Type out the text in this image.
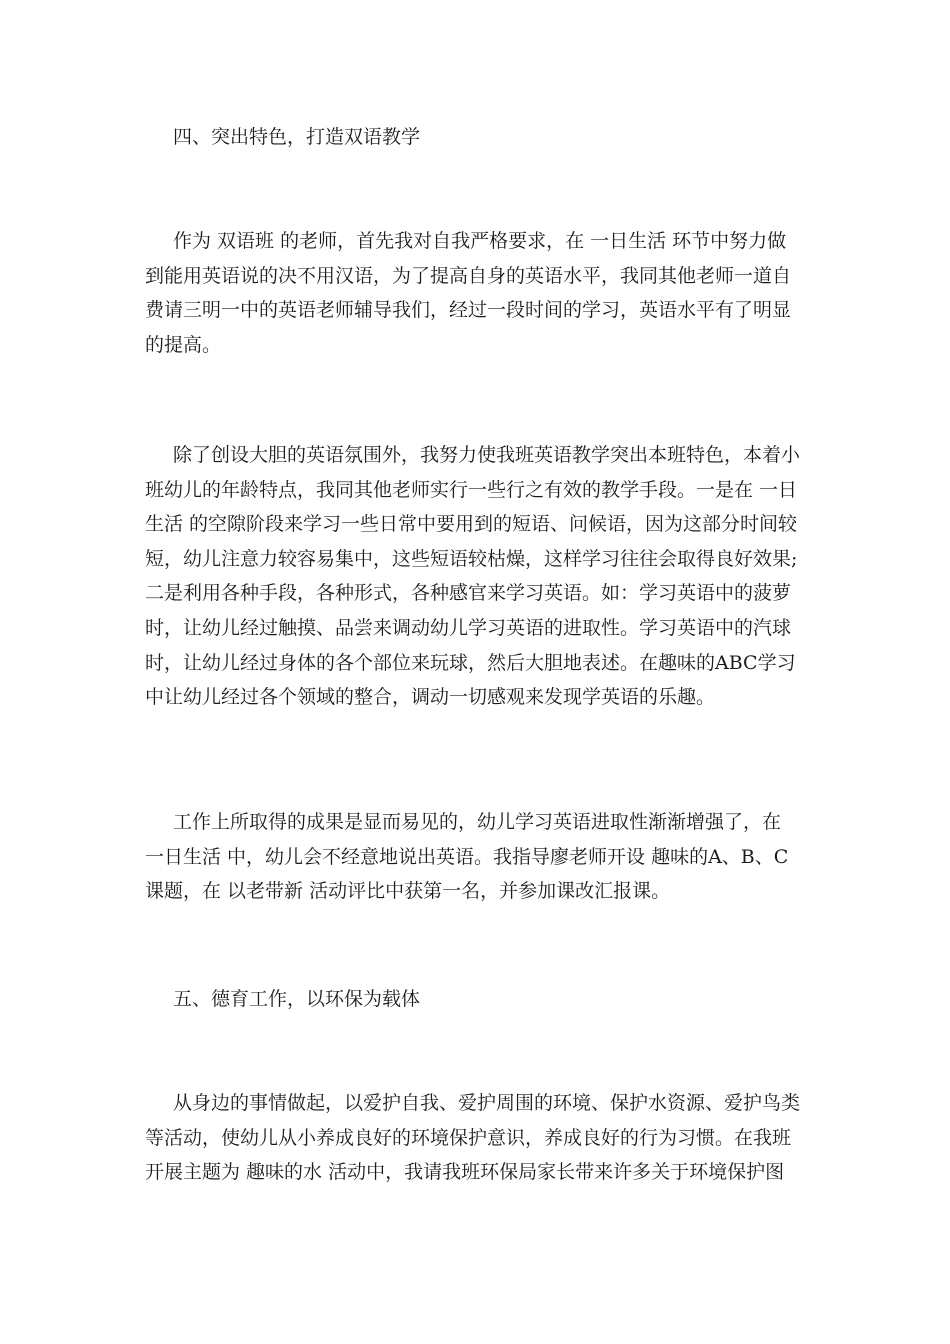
四、突出特色，打造双语教学
作为 双语班 的老师，首先我对自我严格要求，在 一日生活 环节中努力做
到能用英语说的决不用汉语，为了提高自身的英语水平，我同其他老师一道自
费请三明一中的英语老师辅导我们，经过一段时间的学习，英语水平有了明显
的提高。
除了创设大胆的英语氛围外，我努力使我班英语教学突出本班特色，本着小
班幼儿的年龄特点，我同其他老师实行一些行之有效的教学手段。一是在 一日
生活 的空隙阶段来学习一些日常中要用到的短语、问候语，因为这部分时间较
短，幼儿注意力较容易集中，这些短语较枯燥，这样学习往往会取得良好效果;
二是利用各种手段，各种形式，各种感官来学习英语。如：学习英语中的菠萝
时，让幼儿经过触摸、品尝来调动幼儿学习英语的进取性。学习英语中的汽球
时，让幼儿经过身体的各个部位来玩球，然后大胆地表述。在趣味的ABC学习
中让幼儿经过各个领域的整合，调动一切感观来发现学英语的乐趣。
工作上所取得的成果是显而易见的，幼儿学习英语进取性渐渐增强了，在
一日生活 中，幼儿会不经意地说出英语。我指导廖老师开设 趣味的A、B、C
课题，在 以老带新 活动评比中获第一名，并参加课改汇报课。
五、德育工作，以环保为载体
从身边的事情做起，以爱护自我、爱护周围的环境、保护水资源、爱护鸟类
等活动，使幼儿从小养成良好的环境保护意识，养成良好的行为习惯。在我班
开展主题为 趣味的水 活动中，我请我班环保局家长带来许多关于环境保护图
